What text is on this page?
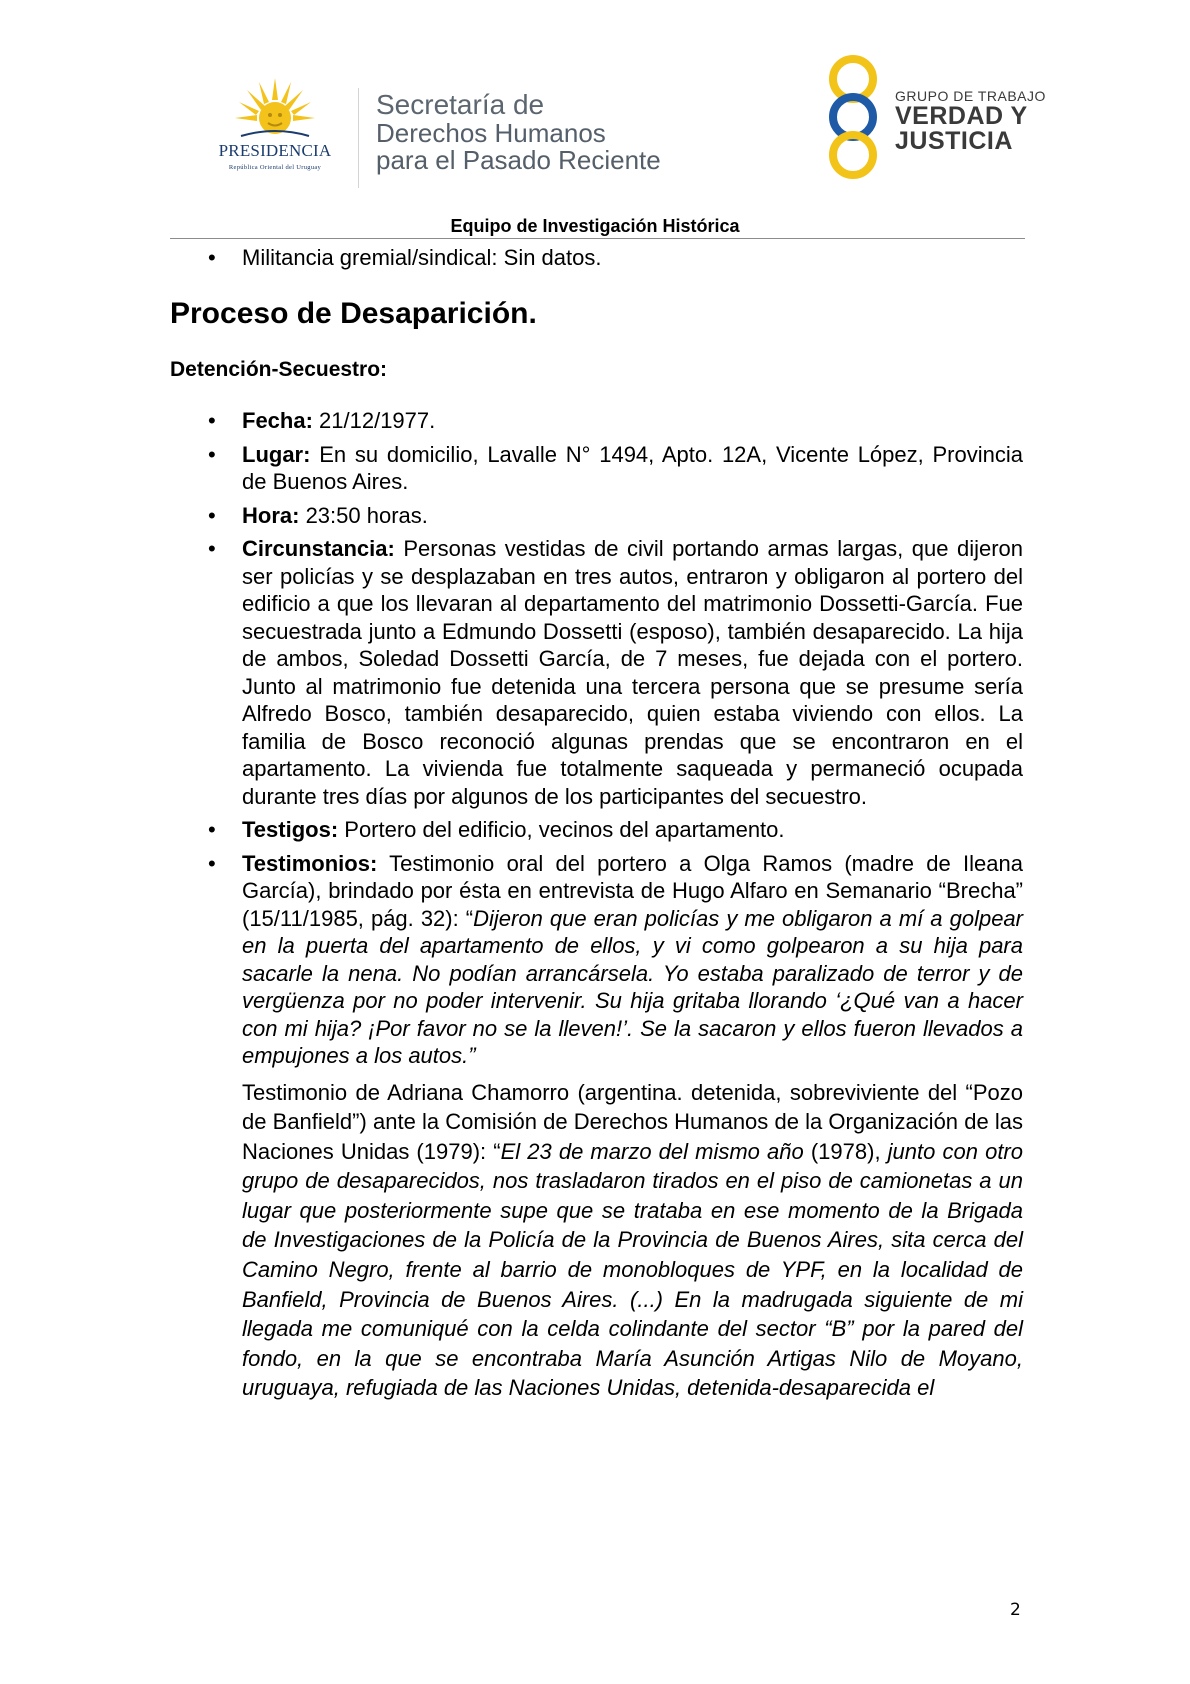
PRESIDENCIA
República Oriental del Uruguay
Secretaría de
Derechos Humanos
para el Pasado Reciente
GRUPO DE TRABAJO
VERDAD Y
JUSTICIA
Equipo de Investigación Histórica
• Militancia gremial/sindical: Sin datos.
Proceso de Desaparición.
Detención-Secuestro:
• Fecha: 21/12/1977.
• Lugar: En su domicilio, Lavalle N° 1494, Apto. 12A, Vicente López, Provincia de Buenos Aires.
• Hora: 23:50 horas.
• Circunstancia: Personas vestidas de civil portando armas largas, que dijeron ser policías y se desplazaban en tres autos, entraron y obligaron al portero del edificio a que los llevaran al departamento del matrimonio Dossetti-García. Fue secuestrada junto a Edmundo Dossetti (esposo), también desaparecido. La hija de ambos, Soledad Dossetti García, de 7 meses, fue dejada con el portero. Junto al matrimonio fue detenida una tercera persona que se presume sería Alfredo Bosco, también desaparecido, quien estaba viviendo con ellos. La familia de Bosco reconoció algunas prendas que se encontraron en el apartamento. La vivienda fue totalmente saqueada y permaneció ocupada durante tres días por algunos de los participantes del secuestro.
• Testigos: Portero del edificio, vecinos del apartamento.
• Testimonios: Testimonio oral del portero a Olga Ramos (madre de Ileana García), brindado por ésta en entrevista de Hugo Alfaro en Semanario “Brecha” (15/11/1985, pág. 32): “Dijeron que eran policías y me obligaron a mí a golpear en la puerta del apartamento de ellos, y vi como golpearon a su hija para sacarle la nena. No podían arrancársela. Yo estaba paralizado de terror y de vergüenza por no poder intervenir. Su hija gritaba llorando ‘¿Qué van a hacer con mi hija? ¡Por favor no se la lleven!’. Se la sacaron y ellos fueron llevados a empujones a los autos.”
Testimonio de Adriana Chamorro (argentina. detenida, sobreviviente del “Pozo de Banfield”) ante la Comisión de Derechos Humanos de la Organización de las Naciones Unidas (1979): “El 23 de marzo del mismo año (1978), junto con otro grupo de desaparecidos, nos trasladaron tirados en el piso de camionetas a un lugar que posteriormente supe que se trataba en ese momento de la Brigada de Investigaciones de la Policía de la Provincia de Buenos Aires, sita cerca del Camino Negro, frente al barrio de monobloques de YPF, en la localidad de Banfield, Provincia de Buenos Aires. (...) En la madrugada siguiente de mi llegada me comuniqué con la celda colindante del sector “B” por la pared del fondo, en la que se encontraba María Asunción Artigas Nilo de Moyano, uruguaya, refugiada de las Naciones Unidas, detenida-desaparecida el
2
